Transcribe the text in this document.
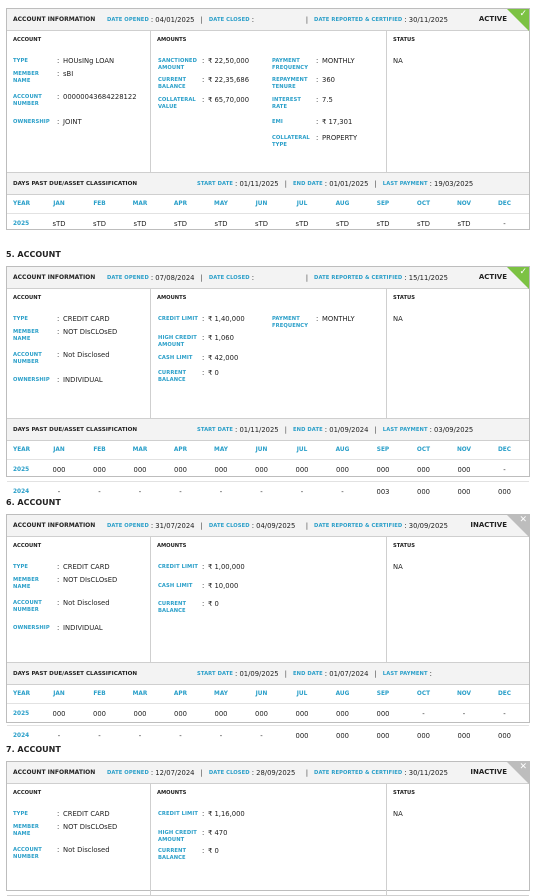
ACCOUNT INFORMATION	DATE OPENED : 04/01/2025 | DATE CLOSED :	| DATE REPORTED & CERTIFIED : 30/11/2025	ACTIVE ✓
ACCOUNT
TYPE	: HOUsINg LOAN
MEMBER NAME
: sBI
ACCOUNT NUMBER
: 00000043684228122
OWNERSHIP	: JOINT
AMOUNTS
SANCTIONED AMOUNT
: ₹ 22,50,000
CURRENT BALANCE
: ₹ 22,35,686
COLLATERAL VALUE
: ₹ 65,70,000
PAYMENT FREQUENCY
: MONTHLY
REPAYMENT TENURE
: 360
INTEREST RATE
: 7.5
EMI	: ₹ 17,301
COLLATERAL TYPE
: PROPERTY
STATUS
NA
DAYS PAST DUE/ASSET CLASSIFICATION	START DATE : 01/11/2025 | END DATE : 01/01/2025 | LAST PAYMENT : 19/03/2025
YEAR	JAN	FEB	MAR	APR	MAY	JUN	JUL	AUG	SEP	OCT	NOV	DEC
2025	sTD	sTD	sTD	sTD	sTD	sTD	sTD	sTD	sTD	sTD	sTD	-
5. ACCOUNT
ACCOUNT INFORMATION	DATE OPENED : 07/08/2024 | DATE CLOSED :	| DATE REPORTED & CERTIFIED : 15/11/2025	ACTIVE ✓
ACCOUNT
TYPE	: CREDIT CARD
MEMBER NAME
: NOT DIsCLOsED
ACCOUNT NUMBER
: Not Disclosed
OWNERSHIP	: INDIVIDUAL
AMOUNTS
CREDIT LIMIT : ₹ 1,40,000
HIGH CREDIT AMOUNT
: ₹ 1,060
CASH LIMIT	: ₹ 42,000
CURRENT BALANCE
: ₹ 0
PAYMENT FREQUENCY
: MONTHLY
STATUS
NA
DAYS PAST DUE/ASSET CLASSIFICATION	START DATE : 01/11/2025 | END DATE : 01/09/2024 | LAST PAYMENT : 03/09/2025
YEAR	JAN	FEB	MAR	APR	MAY	JUN	JUL	AUG	SEP	OCT	NOV	DEC
2025	000	000	000	000	000	000	000	000	000	000	000	-
2024	-	-	-	-	-	-	-	-	003	000	000	000
6. ACCOUNT
ACCOUNT INFORMATION	DATE OPENED : 31/07/2024 | DATE CLOSED : 04/09/2025	| DATE REPORTED & CERTIFIED : 30/09/2025	INACTIVE ✕
ACCOUNT
TYPE	: CREDIT CARD
MEMBER NAME
: NOT DIsCLOsED
ACCOUNT NUMBER
: Not Disclosed
OWNERSHIP	: INDIVIDUAL
AMOUNTS
CREDIT LIMIT : ₹ 1,00,000
CASH LIMIT	: ₹ 10,000
CURRENT BALANCE
: ₹ 0
STATUS
NA
DAYS PAST DUE/ASSET CLASSIFICATION	START DATE : 01/09/2025 | END DATE : 01/07/2024 | LAST PAYMENT :
YEAR	JAN	FEB	MAR	APR	MAY	JUN	JUL	AUG	SEP	OCT	NOV	DEC
2025	000	000	000	000	000	000	000	000	000	-	-	-
2024	-	-	-	-	-	-	000	000	000	000	000	000
7. ACCOUNT
ACCOUNT INFORMATION	DATE OPENED : 12/07/2024 | DATE CLOSED : 28/09/2025	| DATE REPORTED & CERTIFIED : 30/11/2025	INACTIVE ✕
ACCOUNT
TYPE	: CREDIT CARD
MEMBER NAME
: NOT DIsCLOsED
ACCOUNT NUMBER
: Not Disclosed
AMOUNTS
CREDIT LIMIT : ₹ 1,16,000
HIGH CREDIT AMOUNT
: ₹ 470
CURRENT BALANCE
: ₹ 0
STATUS
NA
